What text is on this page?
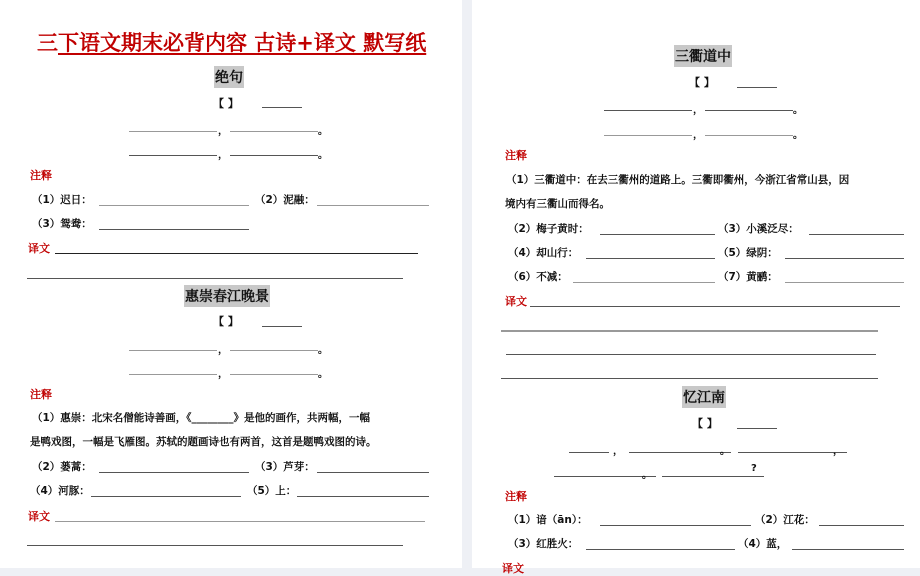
三下语文期末必背内容 古诗+译文 默写纸
绝句
【 】
，	。
，	。
注释
（1）迟日：	（2）泥融：
（3）鸳鸯：
译文
惠崇春江晚景
【 】
，	。
，	。
注释
（1）惠崇：北宋名僧能诗善画，《________》是他的画作，共两幅，一幅
是鸭戏图，一幅是飞雁图。苏轼的题画诗也有两首，这首是题鸭戏图的诗。
（2）蒌蒿：	（3）芦芽：
（4）河豚：	（5）上：
译文
三衢道中
【 】
，	。
，	。
注释
（1）三衢道中：在去三衢州的道路上。三衢即衢州，今浙江省常山县，因
境内有三衢山而得名。
（2）梅子黄时：	（3）小溪泛尽：
（4）却山行：	（5）绿阴：
（6）不减：	（7）黄鹂：
译文
忆江南
【 】
，	。	，
。
?
注释
（1）谙（ān）：	（2）江花：
（3）红胜火：	（4）蓝，
译文
